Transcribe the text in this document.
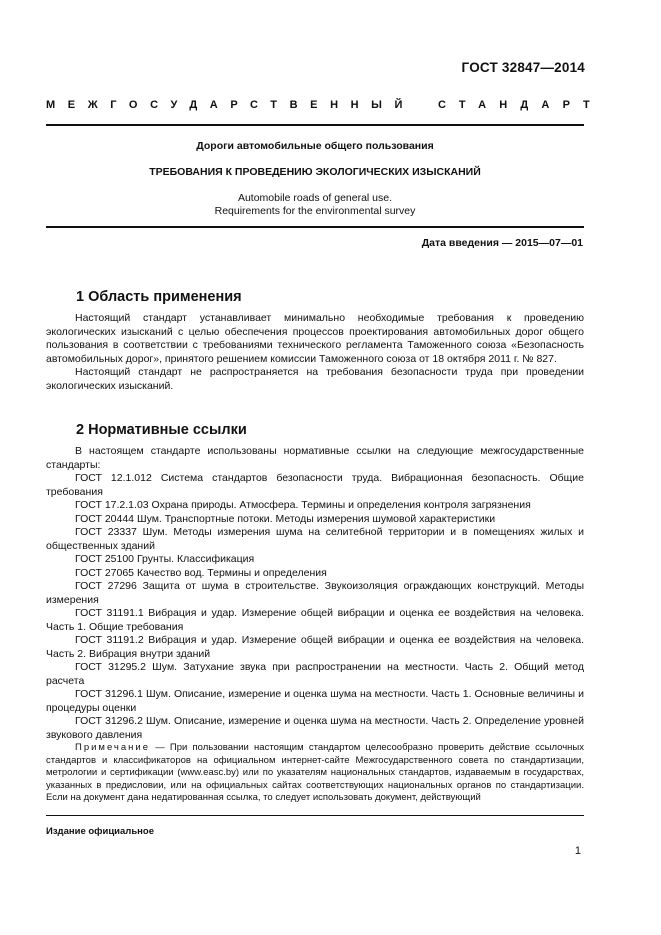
ГОСТ 32847—2014
МЕЖГОСУДАРСТВЕННЫЙ СТАНДАРТ
Дороги автомобильные общего пользования
ТРЕБОВАНИЯ К ПРОВЕДЕНИЮ ЭКОЛОГИЧЕСКИХ ИЗЫСКАНИЙ
Automobile roads of general use.
Requirements for the environmental survey
Дата введения — 2015—07—01
1 Область применения

Настоящий стандарт устанавливает минимально необходимые требования к проведению экологических изысканий с целью обеспечения процессов проектирования автомобильных дорог общего пользования в соответствии с требованиями технического регламента Таможенного союза «Безопасность автомобильных дорог», принятого решением комиссии Таможенного союза от 18 октября 2011 г. № 827.

Настоящий стандарт не распространяется на требования безопасности труда при проведении экологических изысканий.

2 Нормативные ссылки

В настоящем стандарте использованы нормативные ссылки на следующие межгосударственные стандарты:

ГОСТ 12.1.012 Система стандартов безопасности труда. Вибрационная безопасность. Общие требования

ГОСТ 17.2.1.03 Охрана природы. Атмосфера. Термины и определения контроля загрязнения

ГОСТ 20444 Шум. Транспортные потоки. Методы измерения шумовой характеристики

ГОСТ 23337 Шум. Методы измерения шума на селитебной территории и в помещениях жилых и общественных зданий

ГОСТ 25100 Грунты. Классификация

ГОСТ 27065 Качество вод. Термины и определения

ГОСТ 27296 Защита от шума в строительстве. Звукоизоляция ограждающих конструкций. Методы измерения

ГОСТ 31191.1 Вибрация и удар. Измерение общей вибрации и оценка ее воздействия на человека. Часть 1. Общие требования

ГОСТ 31191.2 Вибрация и удар. Измерение общей вибрации и оценка ее воздействия на человека. Часть 2. Вибрация внутри зданий

ГОСТ 31295.2 Шум. Затухание звука при распространении на местности. Часть 2. Общий метод расчета

ГОСТ 31296.1 Шум. Описание, измерение и оценка шума на местности. Часть 1. Основные величины и процедуры оценки

ГОСТ 31296.2 Шум. Описание, измерение и оценка шума на местности. Часть 2. Определение уровней звукового давления

Примечание — При пользовании настоящим стандартом целесообразно проверить действие ссылочных стандартов и классификаторов на официальном интернет-сайте Межгосударственного совета по стандартизации, метрологии и сертификации (www.easc.by) или по указателям национальных стандартов, издаваемым в государствах, указанных в предисловии, или на официальных сайтах соответствующих национальных органов по стандартизации. Если на документ дана недатированная ссылка, то следует использовать документ, действующий

Издание официальное
1
